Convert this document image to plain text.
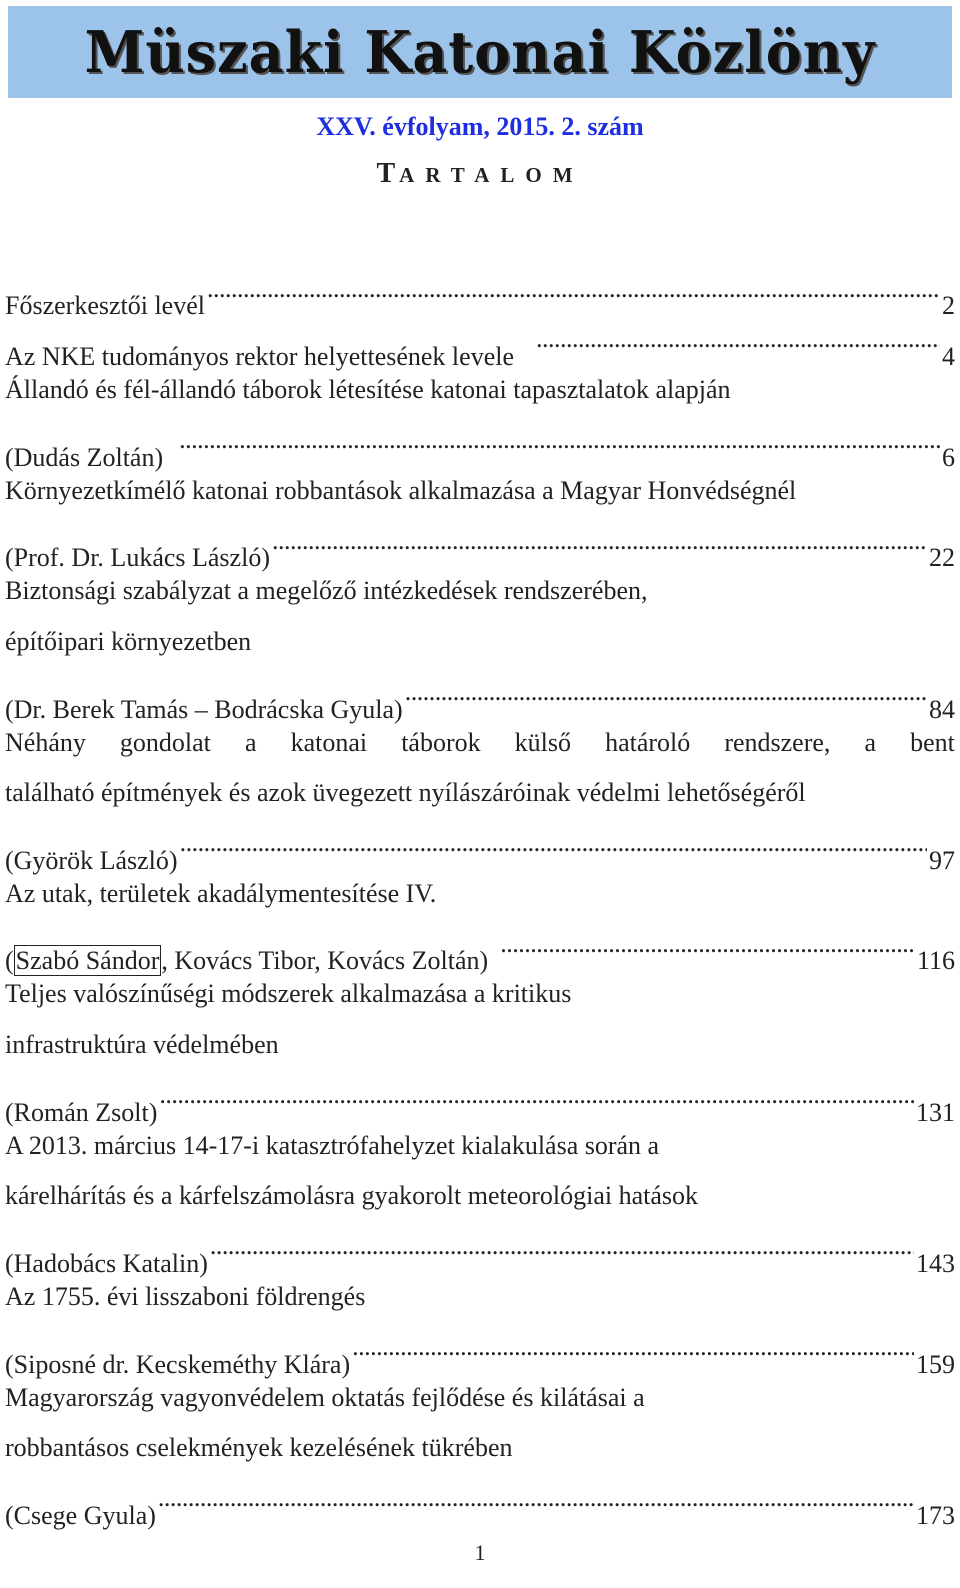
Müszaki Katonai Közlöny
XXV. évfolyam, 2015. 2. szám
T ARTALOM
Főszerkesztői levél . . .	2
Az NKE tudományos rektor helyettesének levele . . .	4
Állandó és fél-állandó táborok létesítése katonai tapasztalatok alapján
(Dudás Zoltán) . . .	6
Környezetkímélő katonai robbantások alkalmazása a Magyar Honvédségnél
(Prof. Dr. Lukács László) . . .	22
Biztonsági szabályzat a megelőző intézkedések rendszerében,
építőipari környezetben
(Dr. Berek Tamás – Bodrácska Gyula) . . .	84
Néhány gondolat a katonai táborok külső határoló rendszere, a bent
található építmények és azok üvegezett nyílászáróinak védelmi lehetőségéről
(Györök László) . . .	97
Az utak, területek akadálymentesítése IV.
(Szabó Sándor, Kovács Tibor, Kovács Zoltán) . . .	116
Teljes valószínűségi módszerek alkalmazása a kritikus
infrastruktúra védelmében
(Román Zsolt) . . .	131
A 2013. március 14-17-i katasztrófahelyzet kialakulása során a
kárelhárítás és a kárfelszámolásra gyakorolt meteorológiai hatások
(Hadobács Katalin) . . .	143
Az 1755. évi lisszaboni földrengés
(Siposné dr. Kecskeméthy Klára) . . .	159
Magyarország vagyonvédelem oktatás fejlődése és kilátásai a
robbantásos cselekmények kezelésének tükrében
(Csege Gyula) . . .	173
1
